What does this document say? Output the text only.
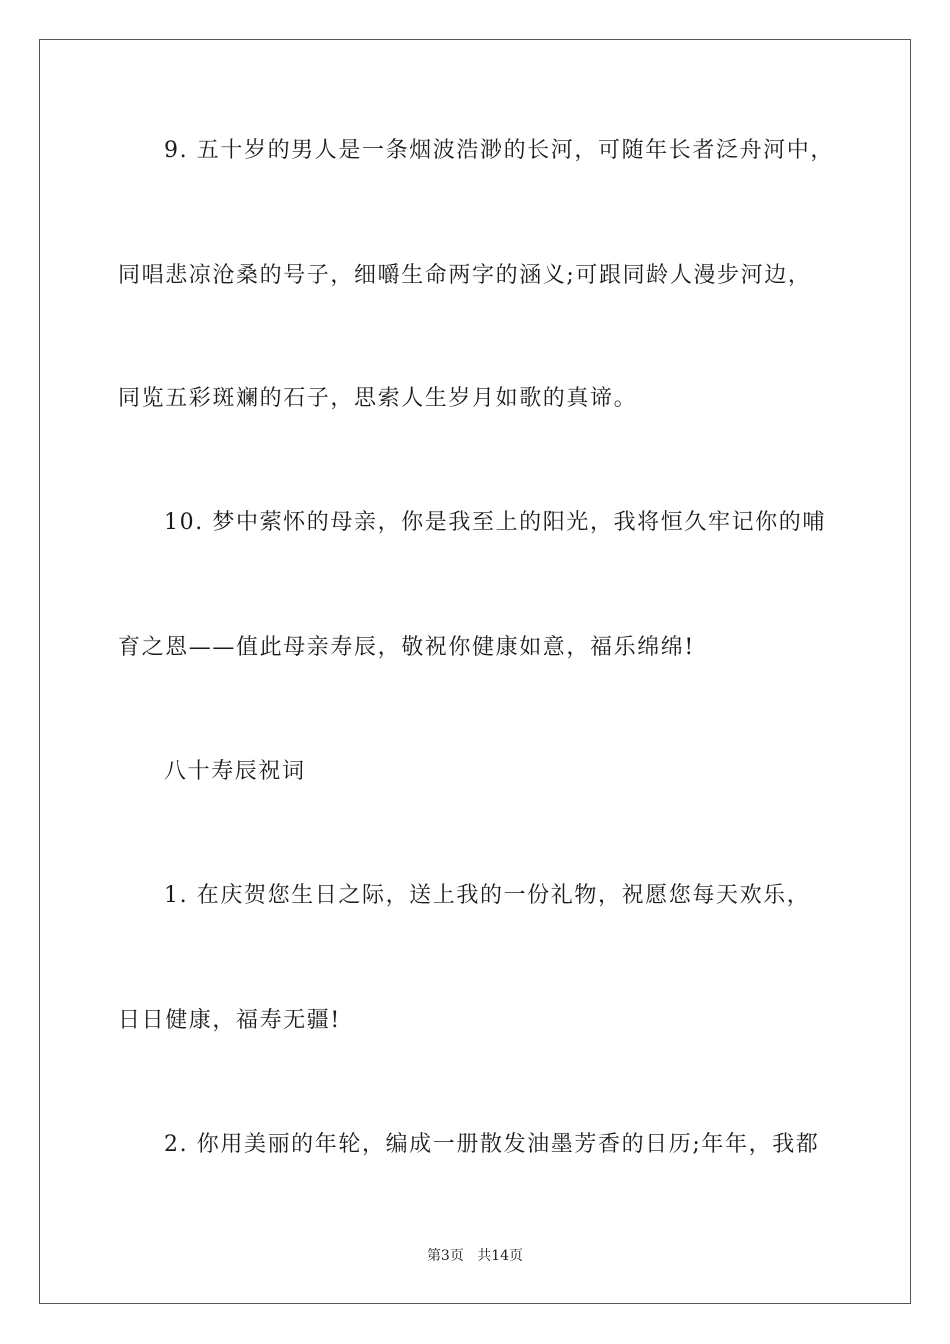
9. 五十岁的男人是一条烟波浩渺的长河，可随年长者泛舟河中，
同唱悲凉沧桑的号子，细嚼生命两字的涵义;可跟同龄人漫步河边，
同览五彩斑斓的石子，思索人生岁月如歌的真谛。
10. 梦中萦怀的母亲，你是我至上的阳光，我将恒久牢记你的哺
育之恩——值此母亲寿辰，敬祝你健康如意，福乐绵绵!
八十寿辰祝词
1. 在庆贺您生日之际，送上我的一份礼物，祝愿您每天欢乐，
日日健康，福寿无疆!
2. 你用美丽的年轮，编成一册散发油墨芳香的日历;年年，我都
第3页 共14页
